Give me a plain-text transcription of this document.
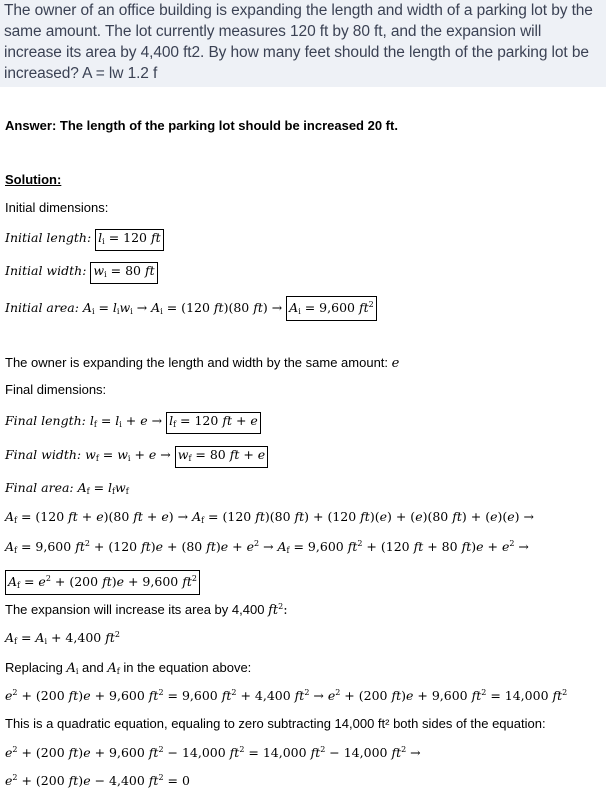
The owner of an office building is expanding the length and width of a parking lot by the same amount. The lot currently measures 120 ft by 80 ft, and the expansion will increase its area by 4,400 ft2. By how many feet should the length of the parking lot be increased? A = lw 1.2 f
Answer: The length of the parking lot should be increased 20 ft.
Solution:
Initial dimensions:
Initial length: $l_i = 120$ ft
Initial width: $w_i = 80$ ft
Initial area: $A_i = l_iw_i \to A_i = (120$ ft)(80 $ft) \to A_i = 9,600$ $ft^2$
The owner is expanding the length and width by the same amount: e
Final dimensions:
Final length: $l_f = l_i + e \to l_f = 120$ ft + e
Final width: $w_f = w_i + e \to w_f = 80$ ft + e
Final area: $A_f = l_fw_f$
$A_f = (120$ ft + e)(80 ft + $e) \to A_f = (120$ ft)(80 ft) + (120 ft)(e) + (e)(80 ft) + (e)(e) →
$A_f = 9,600$ $ft^2 + (120$ ft)e + (80 $ft)e + e^2 \to A_f = 9,600$ $ft^2 + (120$ ft + 80 $ft)e + e^2$ →
$A_f = e^2 + (200$ ft)e + 9,600 $ft^2$
The expansion will increase its area by 4,400 $ft^2$:
$A_f = A_i + 4,400$ $ft^2$
Replacing $A_i$ and $A_f$ in the equation above:
$e^2 + (200$ ft)e + 9,600 $ft^2 = 9,600$ $ft^2 + 4,400$ $ft^2 \to e^2 + (200$ ft)e + 9,600 $ft^2 = 14,000$ $ft^2$
This is a quadratic equation, equaling to zero subtracting 14,000 ft² both sides of the equation:
$e^2 + (200$ ft)e + 9,600 $ft^2 - 14,000$ $ft^2 = 14,000$ $ft^2 - 14,000$ $ft^2$ →
$e^2 + (200$ ft)e − 4,400 $ft^2 = 0$
